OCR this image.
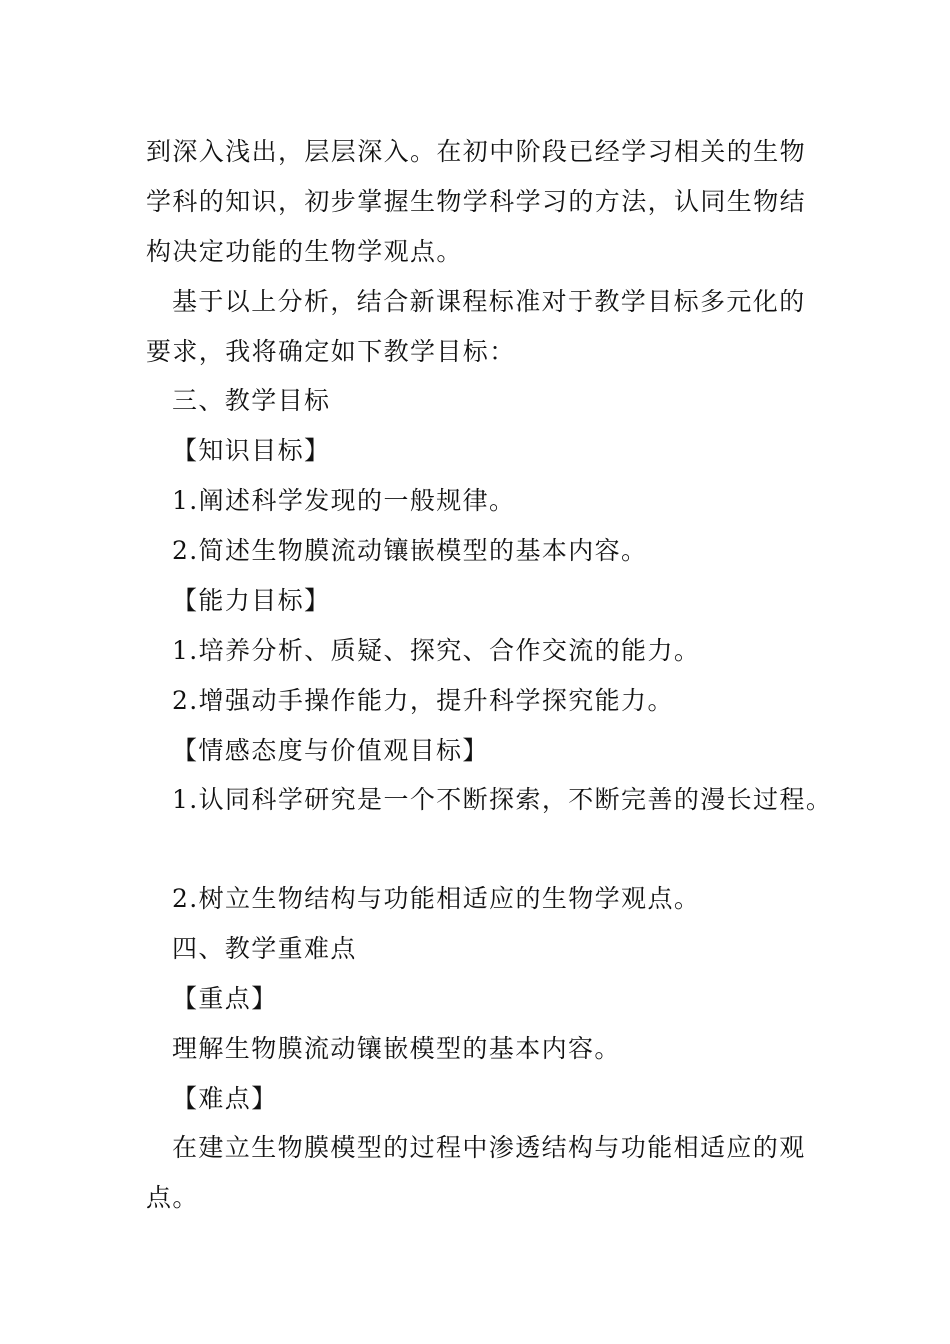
到深入浅出，层层深入。在初中阶段已经学习相关的生物
学科的知识，初步掌握生物学科学习的方法，认同生物结
构决定功能的生物学观点。
基于以上分析，结合新课程标准对于教学目标多元化的
要求，我将确定如下教学目标：
三、教学目标
【知识目标】
1.阐述科学发现的一般规律。
2.简述生物膜流动镶嵌模型的基本内容。
【能力目标】
1.培养分析、质疑、探究、合作交流的能力。
2.增强动手操作能力，提升科学探究能力。
【情感态度与价值观目标】
1.认同科学研究是一个不断探索，不断完善的漫长过程。
2.树立生物结构与功能相适应的生物学观点。
四、教学重难点
【重点】
理解生物膜流动镶嵌模型的基本内容。
【难点】
在建立生物膜模型的过程中渗透结构与功能相适应的观
点。
